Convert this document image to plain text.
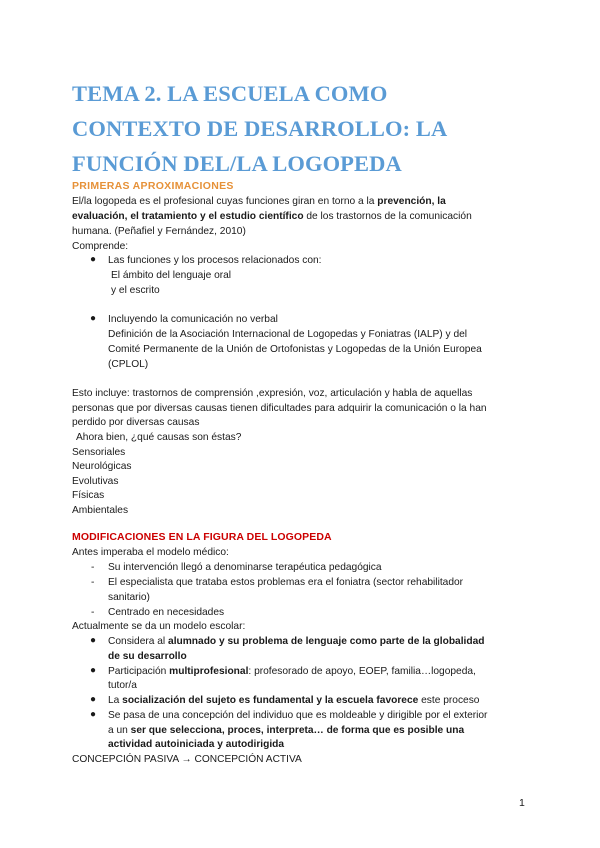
TEMA 2. LA ESCUELA COMO
CONTEXTO DE DESARROLLO: LA
FUNCIÓN DEL/LA LOGOPEDA
PRIMERAS APROXIMACIONES
El/la logopeda es el profesional cuyas funciones giran en torno a la prevención, la
evaluación, el tratamiento y el estudio científico de los trastornos de la comunicación
humana. (Peñafiel y Fernández, 2010)
Comprende:
● Las funciones y los procesos relacionados con:
El ámbito del lenguaje oral
y el escrito
● Incluyendo la comunicación no verbal
Definición de la Asociación Internacional de Logopedas y Foniatras (IALP) y del
Comité Permanente de la Unión de Ortofonistas y Logopedas de la Unión Europea
(CPLOL)
Esto incluye: trastornos de comprensión ,expresión, voz, articulación y habla de aquellas
personas que por diversas causas tienen dificultades para adquirir la comunicación o la han
perdido por diversas causas
Ahora bien, ¿qué causas son éstas?
Sensoriales
Neurológicas
Evolutivas
Físicas
Ambientales
MODIFICACIONES EN LA FIGURA DEL LOGOPEDA
Antes imperaba el modelo médico:
- Su intervención llegó a denominarse terapéutica pedagógica
- El especialista que trataba estos problemas era el foniatra (sector rehabilitador
sanitario)
- Centrado en necesidades
Actualmente se da un modelo escolar:
● Considera al alumnado y su problema de lenguaje como parte de la globalidad
de su desarrollo
● Participación multiprofesional: profesorado de apoyo, EOEP, familia…logopeda,
tutor/a
● La socialización del sujeto es fundamental y la escuela favorece este proceso
● Se pasa de una concepción del individuo que es moldeable y dirigible por el exterior
a un ser que selecciona, proces, interpreta… de forma que es posible una
actividad autoiniciada y autodirigida
CONCEPCIÓN PASIVA → CONCEPCIÓN ACTIVA
1
